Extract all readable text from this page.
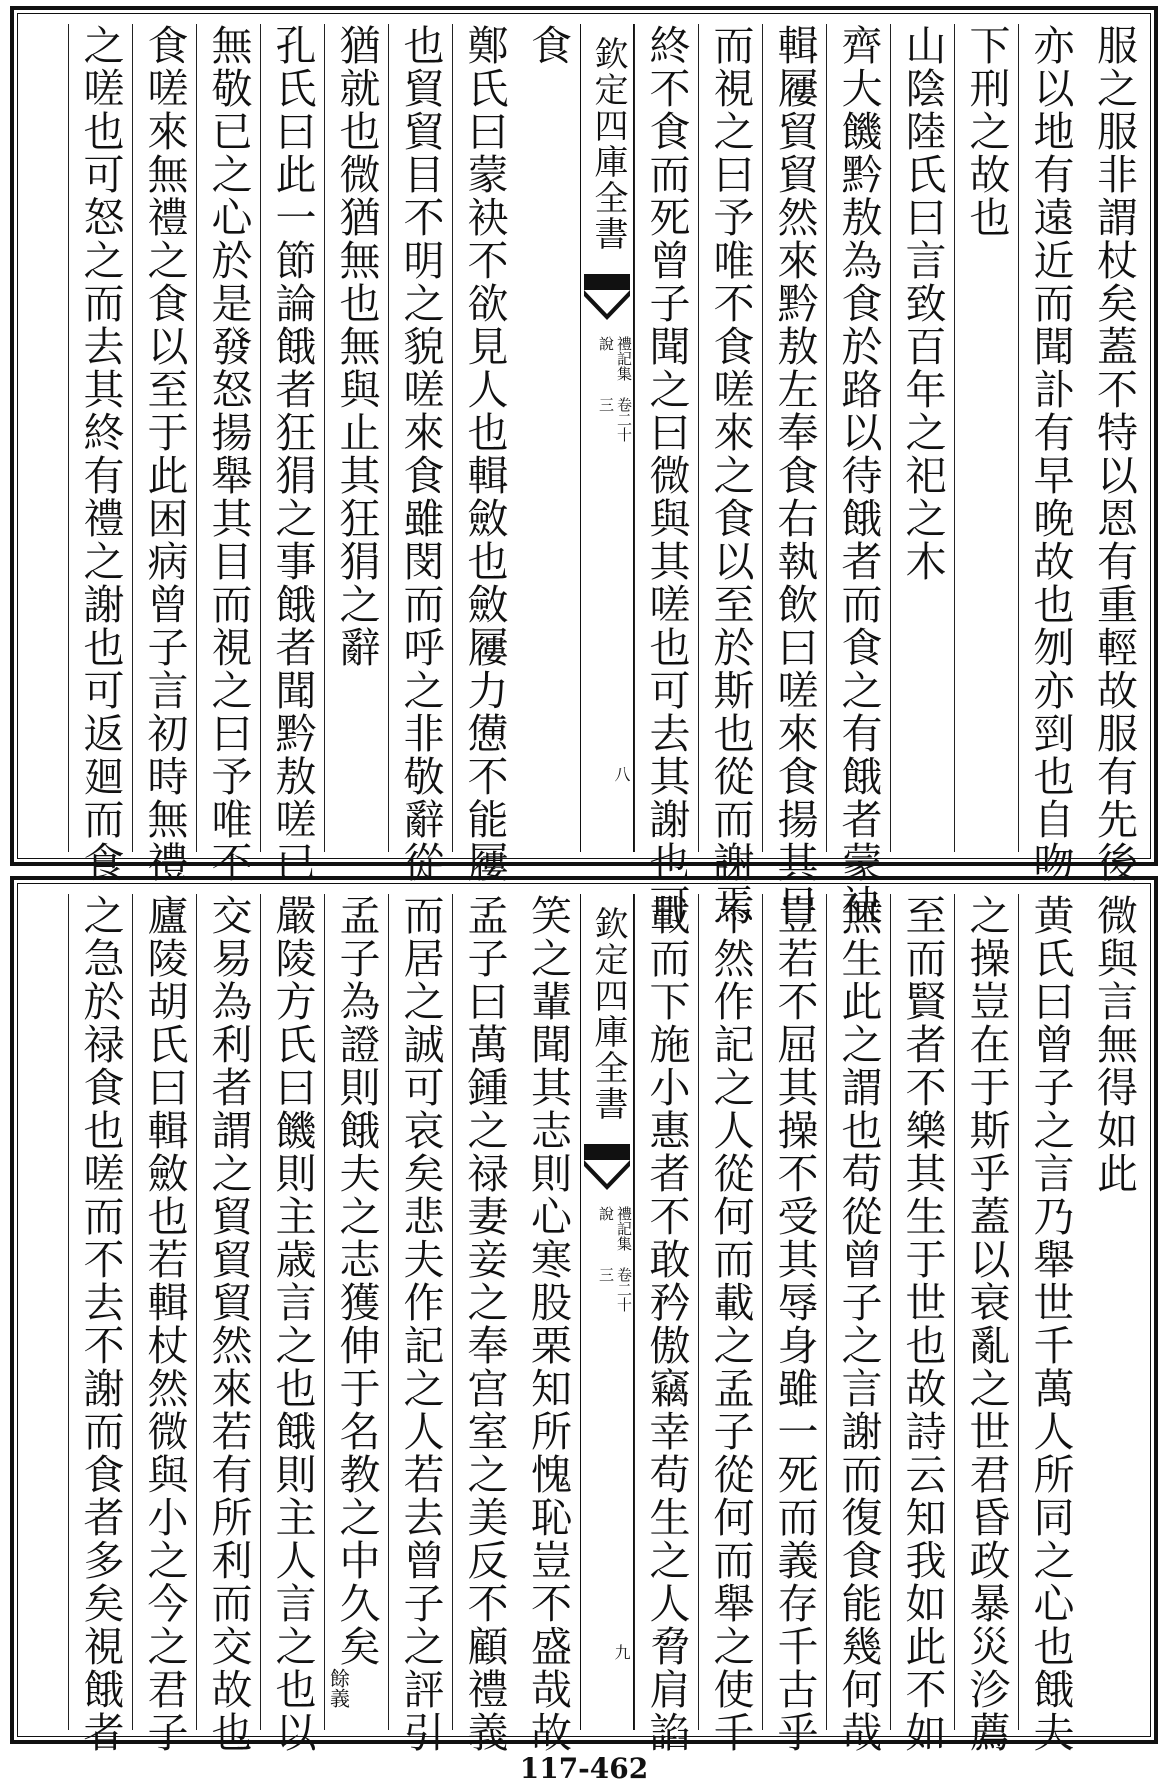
服之服非謂杖矣蓋不特以恩有重輕故服有先後
亦以地有遠近而聞訃有早晚故也刎亦剄也自吻
下刑之故也
山陰陸氏曰言致百年之祀之木
齊大饑黔敖為食於路以待餓者而食之有餓者蒙袂
輯屨貿貿然來黔敖左奉食右執飲曰嗟來食揚其目
而視之曰予唯不食嗟來之食以至於斯也從而謝焉
終不食而死曾子聞之曰微與其嗟也可去其謝也可
欽定四庫全書
禮記集說
卷二十三
八
食
鄭氏曰蒙袂不欲見人也輯斂也斂屨力憊不能屨
也貿貿目不明之貌嗟來食雖閔而呼之非敬辭從
猶就也微猶無也無與止其狂狷之辭
孔氏曰此一節論餓者狂狷之事餓者聞黔敖嗟已
無敬已之心於是發怒揚舉其目而視之曰予唯不
食嗟來無禮之食以至于此困病曾子言初時無禮
之嗟也可怒之而去其終有禮之謝也可返廻而食
微與言無得如此
黄氏曰曾子之言乃舉世千萬人所同之心也餓夫
之操豈在于斯乎蓋以衰亂之世君昏政暴災沴薦
至而賢者不樂其生于世也故詩云知我如此不如
無生此之謂也苟從曾子之言謝而復食能幾何哉
豈若不屈其操不受其辱身雖一死而義存千古乎
不然作記之人從何而載之孟子從何而舉之使千
載而下施小惠者不敢矜傲竊幸苟生之人脅肩諂
欽定四庫全書
禮記集說
卷二十三
九
笑之輩聞其志則心寒股栗知所愧恥豈不盛哉故
孟子曰萬鍾之禄妻妾之奉宫室之美反不顧禮義
而居之誠可哀矣悲夫作記之人若去曾子之評引
孟子為證則餓夫之志獲伸于名教之中久矣餘義
嚴陵方氏曰饑則主歳言之也餓則主人言之也以
交易為利者謂之貿貿貿然來若有所利而交故也
廬陵胡氏曰輯斂也若輯杖然微與小之今之君子
之急於禄食也嗟而不去不謝而食者多矣視餓者
117-462
